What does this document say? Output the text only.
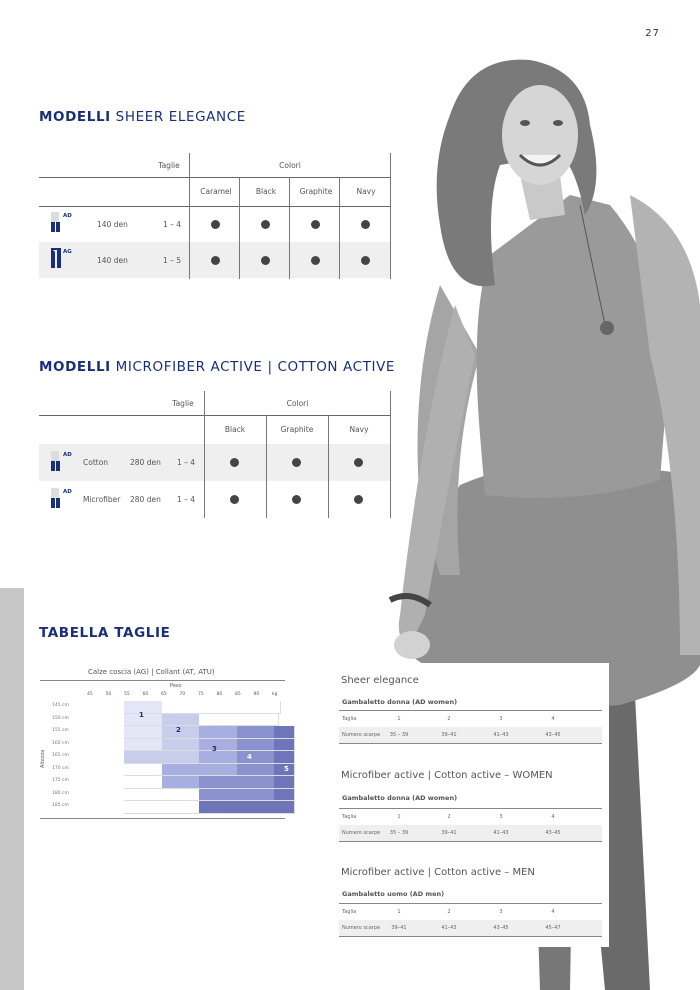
27
MODELLI SHEER ELEGANCE
Taglie	Colori
Caramel	Black	Graphite	Navy
AD
140 den	1 – 4
AG
140 den	1 – 5
MODELLI MICROFIBER ACTIVE | COTTON ACTIVE
Taglie	Colori
Black	Graphite	Navy
AD
Cotton	280 den 1 – 4
AD
Microfiber 280 den 1 – 4
TABELLA TAGLIE
Calze coscia (AG) | Collant (AT, ATU)
Peso
Altezza
1
2
3
4
5
45	50	55	60	65	70	75	80	85	90	kg
145 cm
150 cm
155 cm
160 cm
165 cm
170 cm
175 cm
180 cm
185 cm
Sheer elegance
Gambaletto donna (AD women)
Taglia	1	2	3	4
Numero scarpe	35 – 39	39–41	41–43	43–45
Microfiber active | Cotton active – WOMEN
Gambaletto donna (AD women)
Taglia	1	2	3	4
Numero scarpe	35 – 39	39–41	41–43	43–45
Microfiber active | Cotton active – MEN
Gambaletto uomo (AD men)
Taglia	1	2	3	4
Numero scarpe	39–41	41–43	43–45	45–47
